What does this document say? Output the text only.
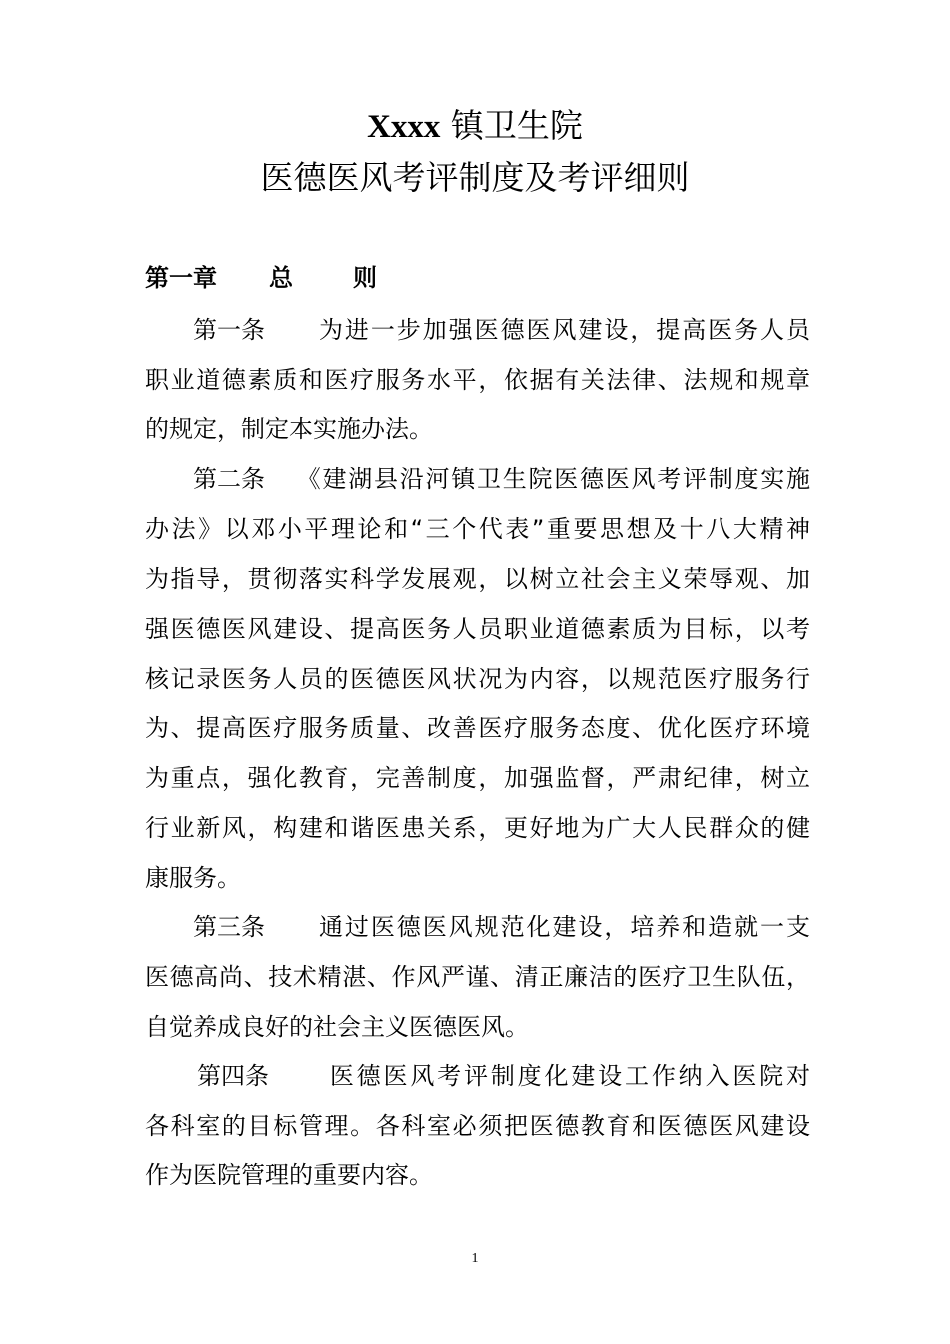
Xxxx 镇卫生院
医德医风考评制度及考评细则
第一章 总	则
第一条 为进一步加强医德医风建设，提高医务人员
职业道德素质和医疗服务水平，依据有关法律、法规和规章
的规定，制定本实施办法。
第二条 《建湖县沿河镇卫生院医德医风考评制度实施
办法》以邓小平理论和“三个代表”重要思想及十八大精神
为指导，贯彻落实科学发展观，以树立社会主义荣辱观、加
强医德医风建设、提高医务人员职业道德素质为目标，以考
核记录医务人员的医德医风状况为内容，以规范医疗服务行
为、提高医疗服务质量、改善医疗服务态度、优化医疗环境
为重点，强化教育，完善制度，加强监督，严肃纪律，树立
行业新风，构建和谐医患关系，更好地为广大人民群众的健
康服务。
第三条 通过医德医风规范化建设，培养和造就一支
医德高尚、技术精湛、作风严谨、清正廉洁的医疗卫生队伍，
自觉养成良好的社会主义医德医风。
第四条 医德医风考评制度化建设工作纳入医院对
各科室的目标管理。各科室必须把医德教育和医德医风建设
作为医院管理的重要内容。
1
